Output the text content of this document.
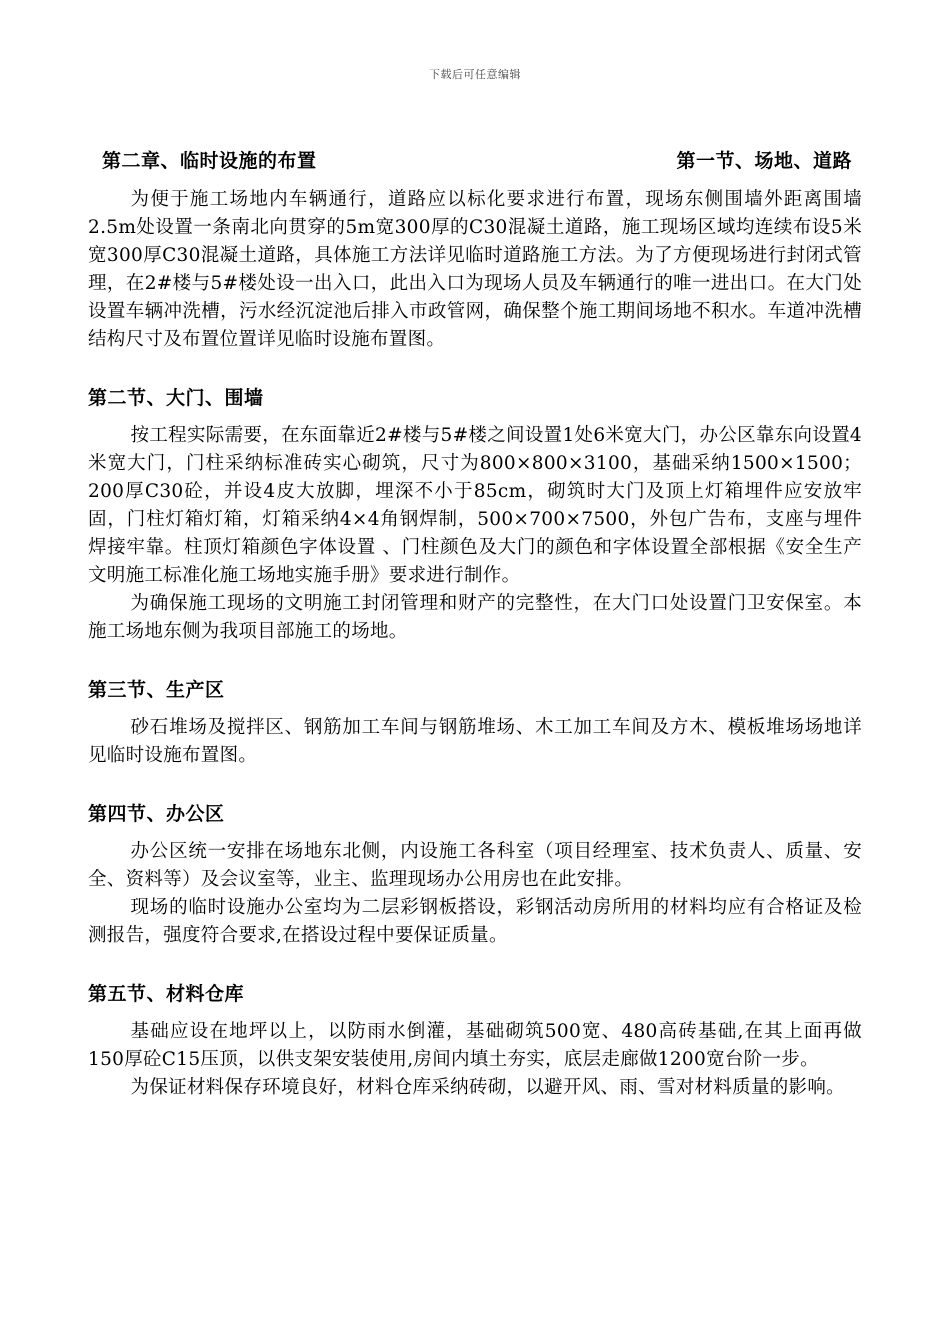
下载后可任意编辑
第二章、临时设施的布置	第一节、场地、道路

为便于施工场地内车辆通行，道路应以标化要求进行布置，现场东侧围墙外距离围墙2.5m处设置一条南北向贯穿的5m宽300厚的C30混凝土道路，施工现场区域均连续布设5米宽300厚C30混凝土道路，具体施工方法详见临时道路施工方法。为了方便现场进行封闭式管理，在2#楼与5#楼处设一出入口，此出入口为现场人员及车辆通行的唯一进出口。在大门处设置车辆冲洗槽，污水经沉淀池后排入市政管网，确保整个施工期间场地不积水。车道冲洗槽结构尺寸及布置位置详见临时设施布置图。

第二节、大门、围墙

按工程实际需要，在东面靠近2#楼与5#楼之间设置1处6米宽大门，办公区靠东向设置4米宽大门，门柱采纳标准砖实心砌筑，尺寸为800×800×3100，基础采纳1500×1500；200厚C30砼，并设4皮大放脚，埋深不小于85cm，砌筑时大门及顶上灯箱埋件应安放牢固，门柱灯箱灯箱，灯箱采纳4×4角钢焊制，500×700×7500，外包广告布，支座与埋件焊接牢靠。柱顶灯箱颜色字体设置 、门柱颜色及大门的颜色和字体设置全部根据《安全生产文明施工标准化施工场地实施手册》要求进行制作。

为确保施工现场的文明施工封闭管理和财产的完整性，在大门口处设置门卫安保室。本施工场地东侧为我项目部施工的场地。

第三节、生产区

砂石堆场及搅拌区、钢筋加工车间与钢筋堆场、木工加工车间及方木、模板堆场场地详见临时设施布置图。

第四节、办公区

办公区统一安排在场地东北侧，内设施工各科室（项目经理室、技术负责人、质量、安全、资料等）及会议室等，业主、监理现场办公用房也在此安排。

现场的临时设施办公室均为二层彩钢板搭设，彩钢活动房所用的材料均应有合格证及检测报告，强度符合要求,在搭设过程中要保证质量。

第五节、材料仓库

基础应设在地坪以上，以防雨水倒灌，基础砌筑500宽、480高砖基础,在其上面再做150厚砼C15压顶，以供支架安装使用,房间内填土夯实，底层走廊做1200宽台阶一步。

为保证材料保存环境良好，材料仓库采纳砖砌，以避开风、雨、雪对材料质量的影响。
